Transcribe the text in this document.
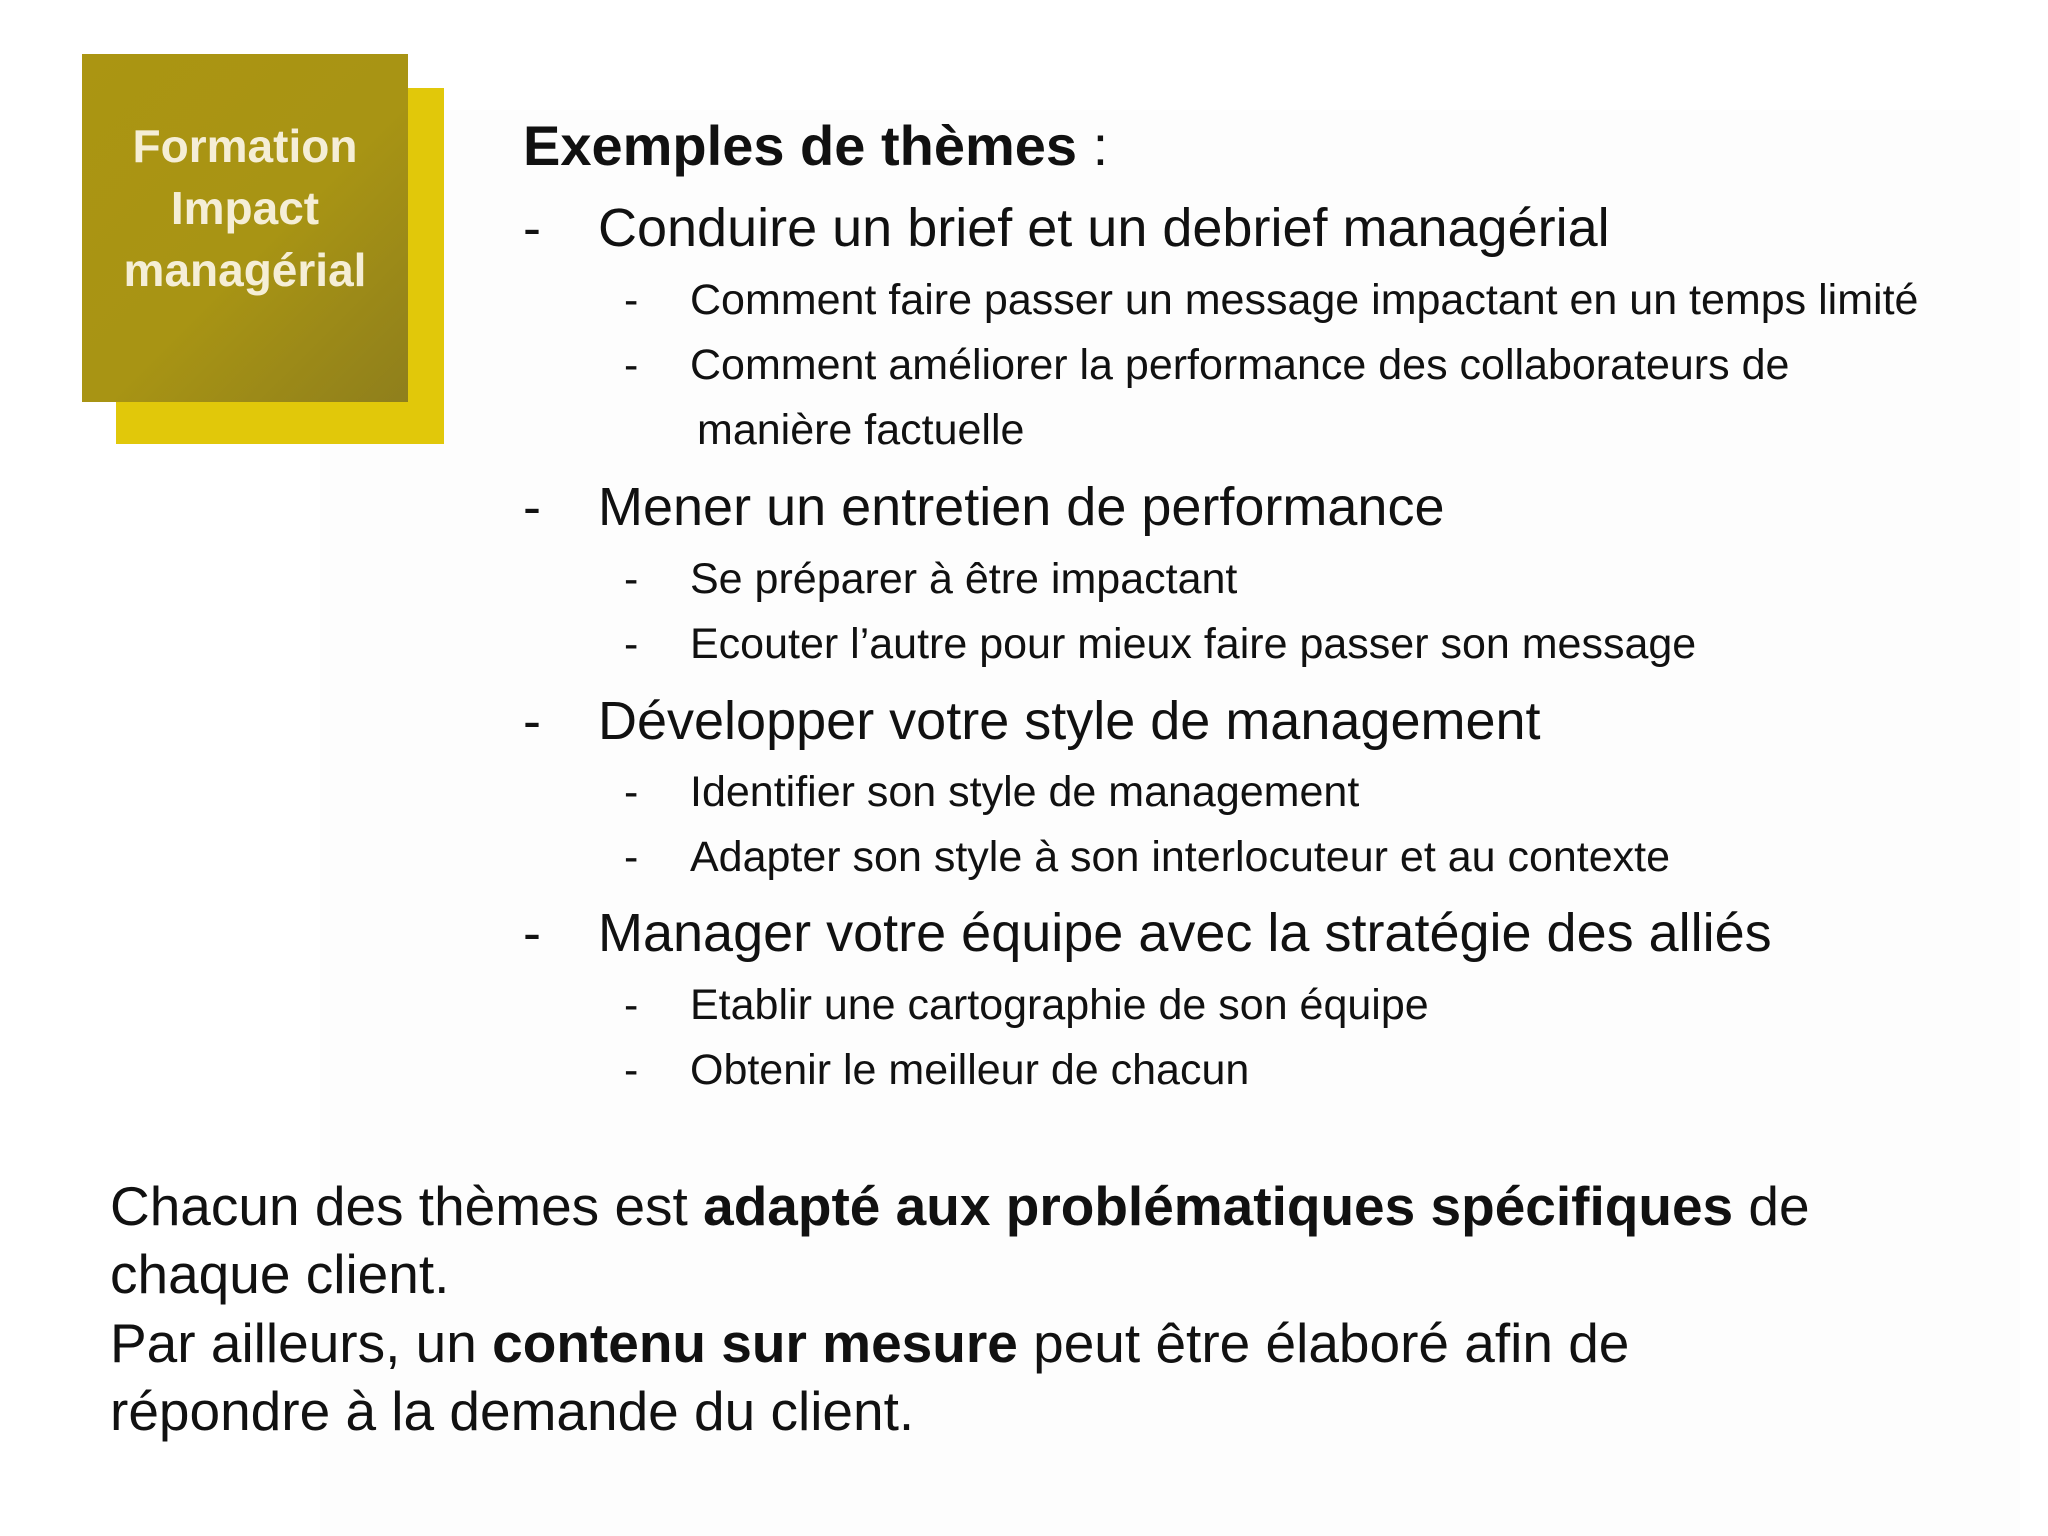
Formation
Impact
managérial
Exemples de thèmes :
- Conduire un brief et un debrief managérial
- Comment faire passer un message impactant en un temps limité
- Comment améliorer la performance des collaborateurs de
manière factuelle
- Mener un entretien de performance
- Se préparer à être impactant
- Ecouter l’autre pour mieux faire passer son message
- Développer votre style de management
- Identifier son style de management
- Adapter son style à son interlocuteur et au contexte
- Manager votre équipe avec la stratégie des alliés
- Etablir une cartographie de son équipe
- Obtenir le meilleur de chacun
Chacun des thèmes est adapté aux problématiques spécifiques de
chaque client.
Par ailleurs, un contenu sur mesure peut être élaboré afin de
répondre à la demande du client.
